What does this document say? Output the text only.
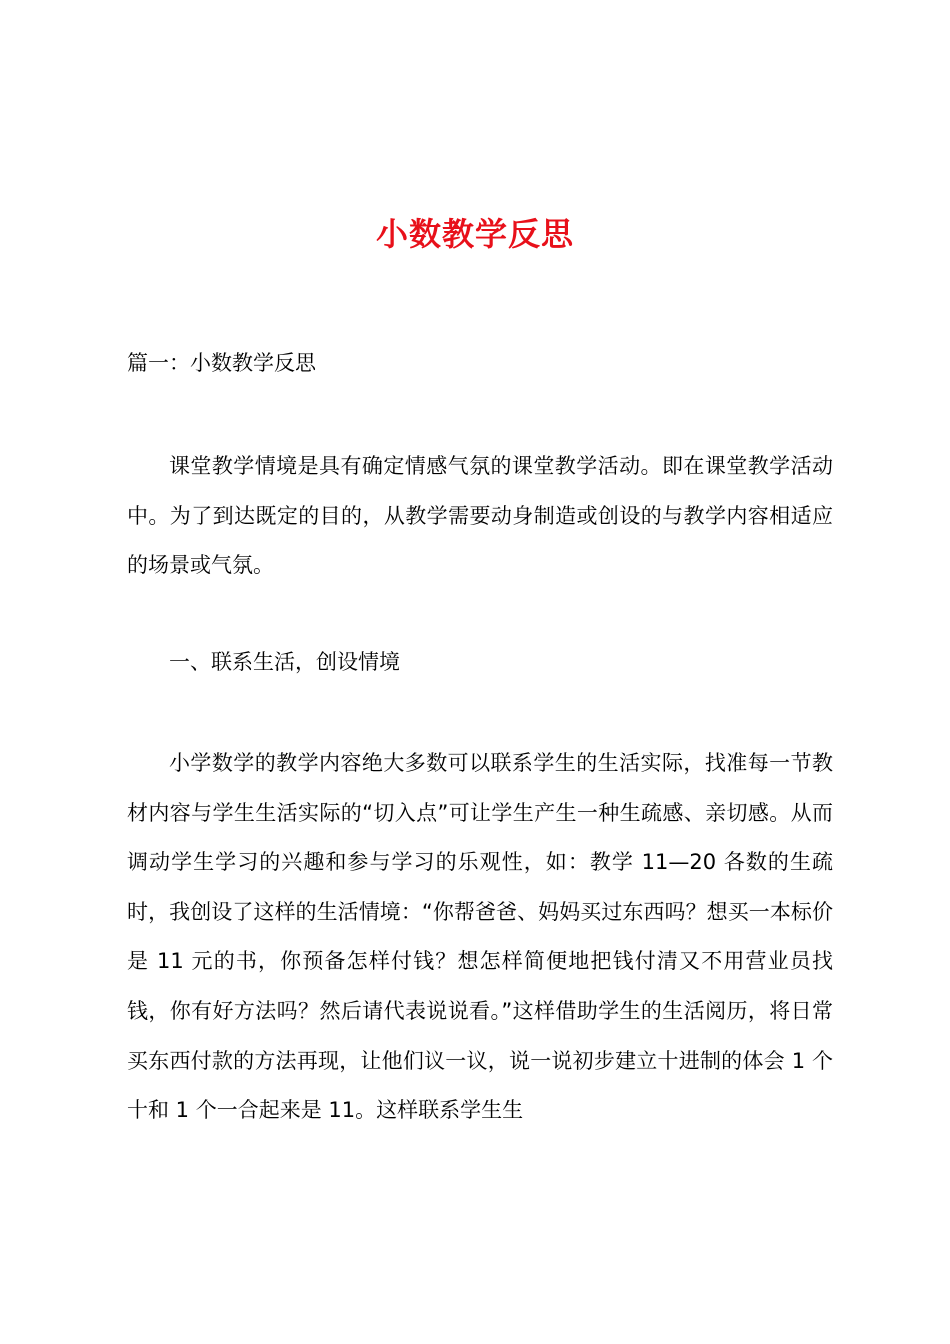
小数教学反思

篇一：小数教学反思

课堂教学情境是具有确定情感气氛的课堂教学活动。即在课堂教学活动中。为了到达既定的目的，从教学需要动身制造或创设的与教学内容相适应的场景或气氛。

一、联系生活，创设情境

小学数学的教学内容绝大多数可以联系学生的生活实际，找准每一节教材内容与学生生活实际的“切入点”可让学生产生一种生疏感、亲切感。从而调动学生学习的兴趣和参与学习的乐观性，如：教学 11—20 各数的生疏时，我创设了这样的生活情境：“你帮爸爸、妈妈买过东西吗？想买一本标价是 11 元的书，你预备怎样付钱？想怎样简便地把钱付清又不用营业员找钱，你有好方法吗？然后请代表说说看。”这样借助学生的生活阅历，将日常买东西付款的方法再现，让他们议一议，说一说初步建立十进制的体会 1 个十和 1 个一合起来是 11。这样联系学生生
